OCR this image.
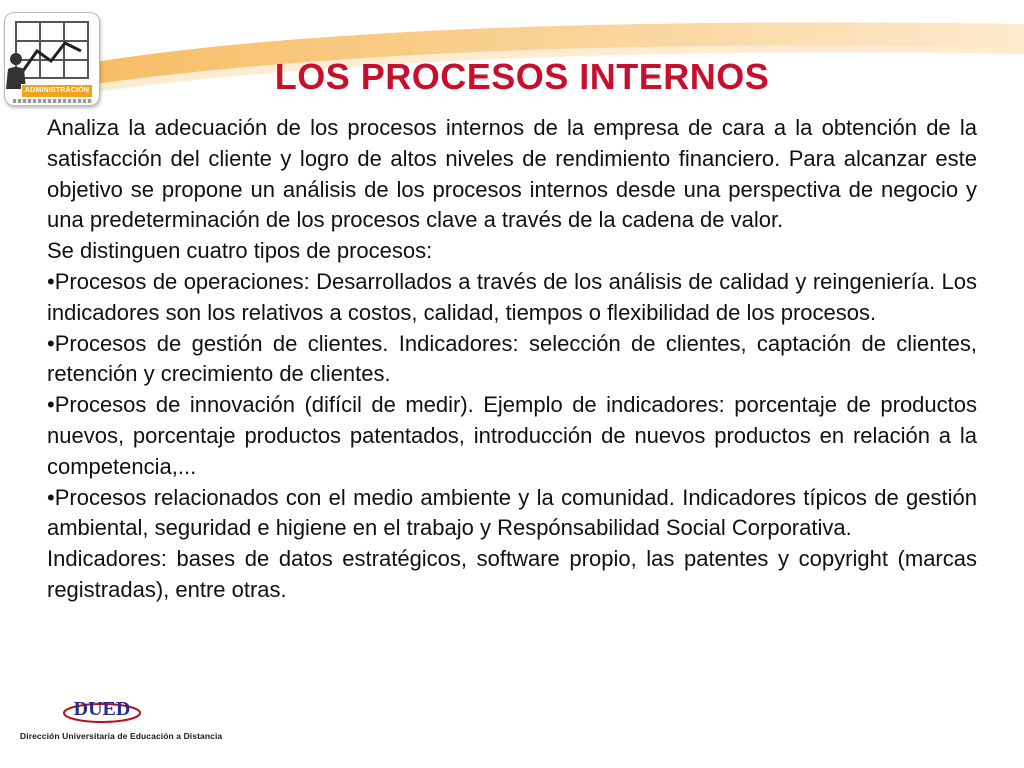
ADMINISTRACIÓN	LOS PROCESOS INTERNOS

Analiza la adecuación de los procesos internos de la empresa de cara a la obtención de la satisfacción del cliente y logro de altos niveles de rendimiento financiero. Para alcanzar este objetivo se propone un análisis de los procesos internos desde una perspectiva de negocio y una predeterminación de los procesos clave a través de la cadena de valor.

Se distinguen cuatro tipos de procesos:

•Procesos de operaciones: Desarrollados a través de los análisis de calidad y reingeniería. Los indicadores son los relativos a costos, calidad, tiempos o flexibilidad de los procesos.

•Procesos de gestión de clientes. Indicadores: selección de clientes, captación de clientes, retención y crecimiento de clientes.

•Procesos de innovación (difícil de medir). Ejemplo de indicadores: porcentaje de productos nuevos, porcentaje productos patentados, introducción de nuevos productos en relación a la competencia,...

•Procesos relacionados con el medio ambiente y la comunidad. Indicadores típicos de gestión ambiental, seguridad e higiene en el trabajo y Respónsabilidad Social Corporativa.

Indicadores: bases de datos estratégicos, software propio, las patentes y copyright (marcas registradas), entre otras.

DUED
Dirección Universitaria de Educación a Distancia
